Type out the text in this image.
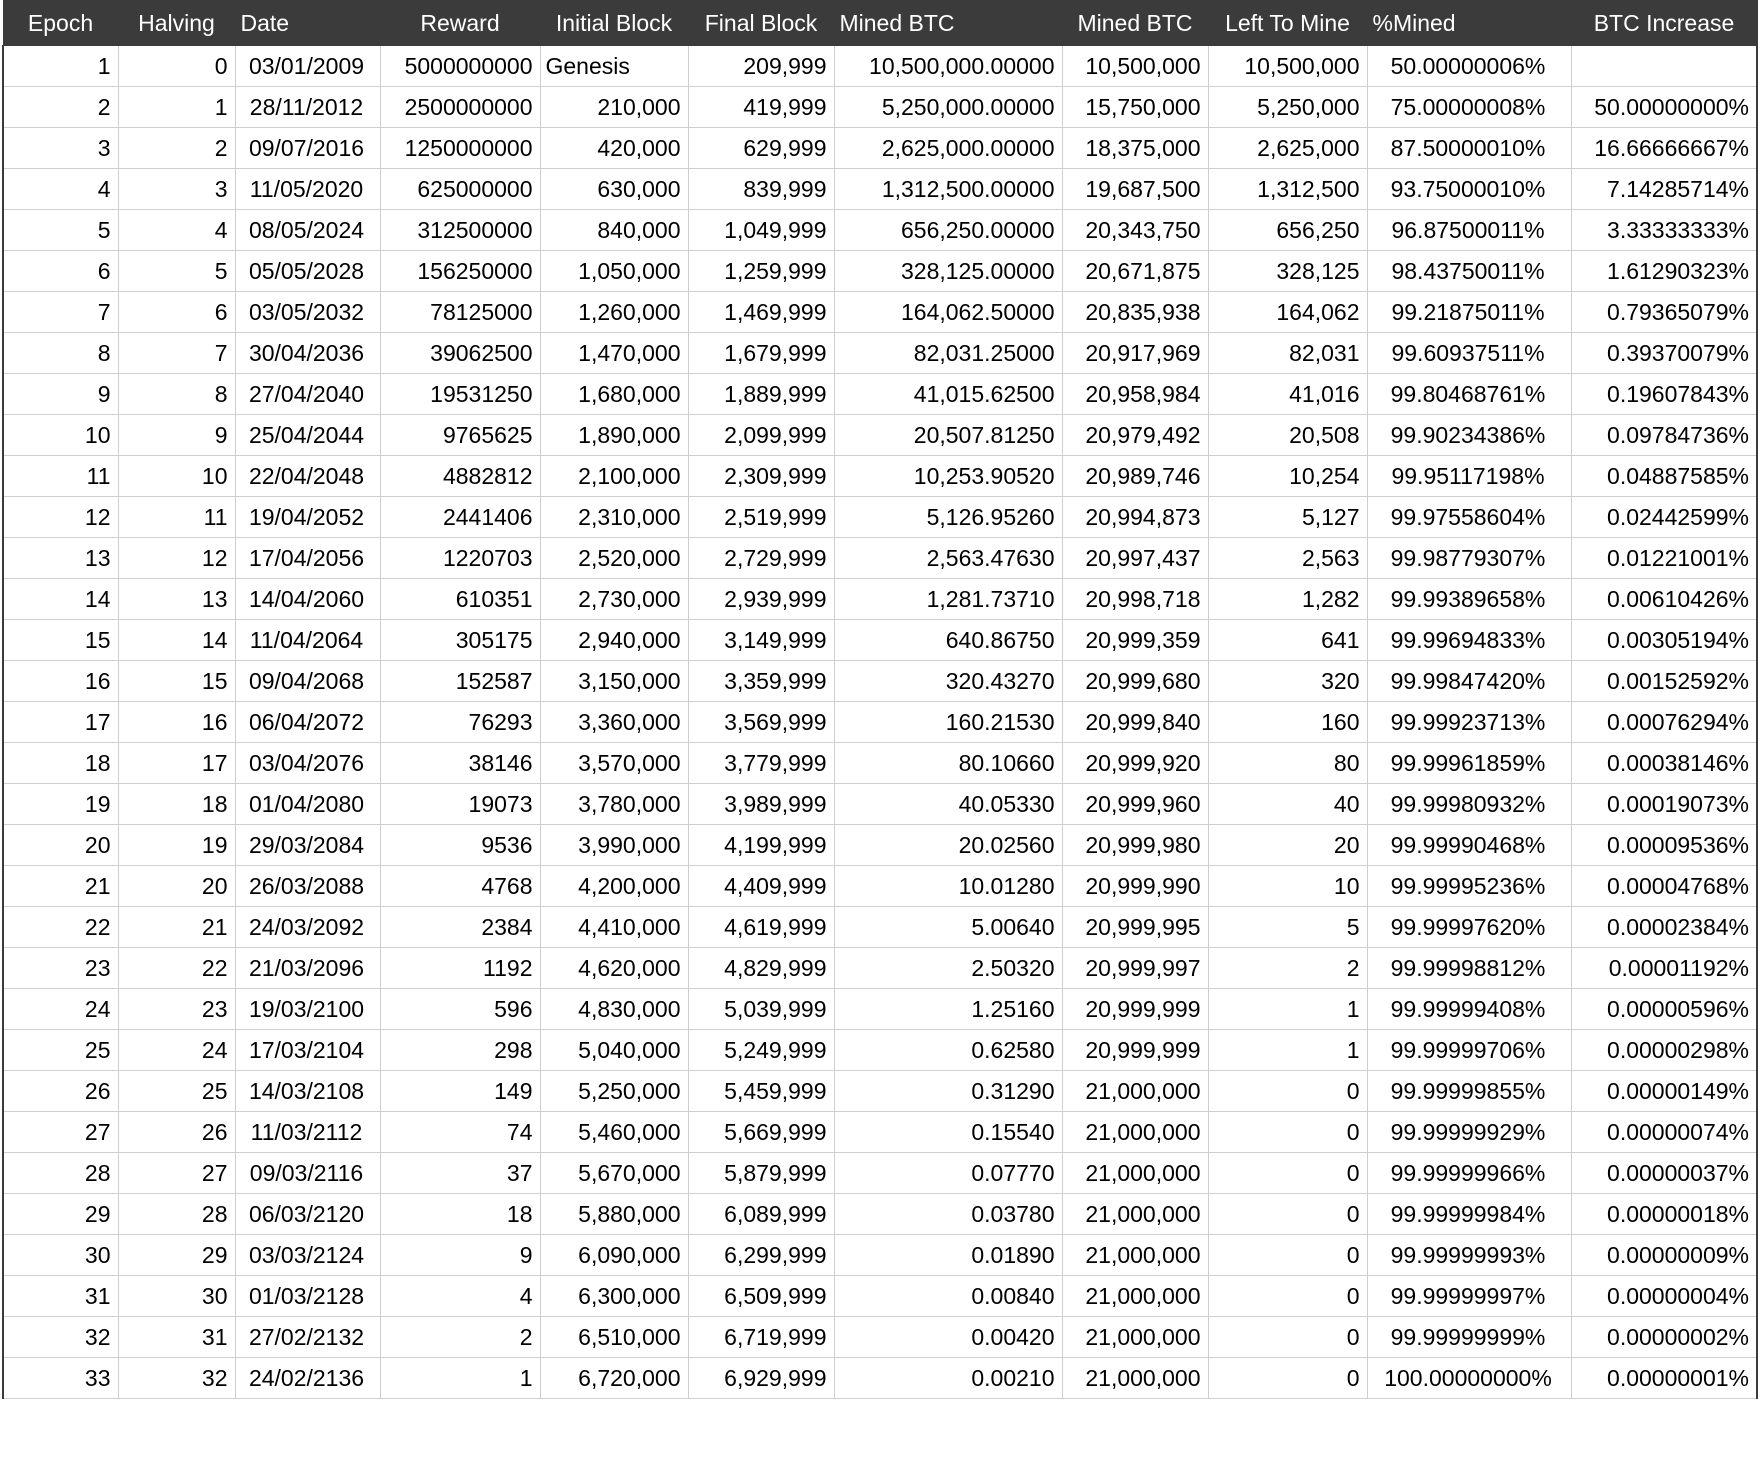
Epoch	Halving	Date	Reward	Initial Block	Final Block	Mined BTC	Mined BTC	Left To Mine	%Mined	BTC Increase
1	0	03/01/2009	5000000000	Genesis	209,999	10,500,000.00000	10,500,000	10,500,000	50.00000006%	
2	1	28/11/2012	2500000000	210,000	419,999	5,250,000.00000	15,750,000	5,250,000	75.00000008%	50.00000000%
3	2	09/07/2016	1250000000	420,000	629,999	2,625,000.00000	18,375,000	2,625,000	87.50000010%	16.66666667%
4	3	11/05/2020	625000000	630,000	839,999	1,312,500.00000	19,687,500	1,312,500	93.75000010%	7.14285714%
5	4	08/05/2024	312500000	840,000	1,049,999	656,250.00000	20,343,750	656,250	96.87500011%	3.33333333%
6	5	05/05/2028	156250000	1,050,000	1,259,999	328,125.00000	20,671,875	328,125	98.43750011%	1.61290323%
7	6	03/05/2032	78125000	1,260,000	1,469,999	164,062.50000	20,835,938	164,062	99.21875011%	0.79365079%
8	7	30/04/2036	39062500	1,470,000	1,679,999	82,031.25000	20,917,969	82,031	99.60937511%	0.39370079%
9	8	27/04/2040	19531250	1,680,000	1,889,999	41,015.62500	20,958,984	41,016	99.80468761%	0.19607843%
10	9	25/04/2044	9765625	1,890,000	2,099,999	20,507.81250	20,979,492	20,508	99.90234386%	0.09784736%
11	10	22/04/2048	4882812	2,100,000	2,309,999	10,253.90520	20,989,746	10,254	99.95117198%	0.04887585%
12	11	19/04/2052	2441406	2,310,000	2,519,999	5,126.95260	20,994,873	5,127	99.97558604%	0.02442599%
13	12	17/04/2056	1220703	2,520,000	2,729,999	2,563.47630	20,997,437	2,563	99.98779307%	0.01221001%
14	13	14/04/2060	610351	2,730,000	2,939,999	1,281.73710	20,998,718	1,282	99.99389658%	0.00610426%
15	14	11/04/2064	305175	2,940,000	3,149,999	640.86750	20,999,359	641	99.99694833%	0.00305194%
16	15	09/04/2068	152587	3,150,000	3,359,999	320.43270	20,999,680	320	99.99847420%	0.00152592%
17	16	06/04/2072	76293	3,360,000	3,569,999	160.21530	20,999,840	160	99.99923713%	0.00076294%
18	17	03/04/2076	38146	3,570,000	3,779,999	80.10660	20,999,920	80	99.99961859%	0.00038146%
19	18	01/04/2080	19073	3,780,000	3,989,999	40.05330	20,999,960	40	99.99980932%	0.00019073%
20	19	29/03/2084	9536	3,990,000	4,199,999	20.02560	20,999,980	20	99.99990468%	0.00009536%
21	20	26/03/2088	4768	4,200,000	4,409,999	10.01280	20,999,990	10	99.99995236%	0.00004768%
22	21	24/03/2092	2384	4,410,000	4,619,999	5.00640	20,999,995	5	99.99997620%	0.00002384%
23	22	21/03/2096	1192	4,620,000	4,829,999	2.50320	20,999,997	2	99.99998812%	0.00001192%
24	23	19/03/2100	596	4,830,000	5,039,999	1.25160	20,999,999	1	99.99999408%	0.00000596%
25	24	17/03/2104	298	5,040,000	5,249,999	0.62580	20,999,999	1	99.99999706%	0.00000298%
26	25	14/03/2108	149	5,250,000	5,459,999	0.31290	21,000,000	0	99.99999855%	0.00000149%
27	26	11/03/2112	74	5,460,000	5,669,999	0.15540	21,000,000	0	99.99999929%	0.00000074%
28	27	09/03/2116	37	5,670,000	5,879,999	0.07770	21,000,000	0	99.99999966%	0.00000037%
29	28	06/03/2120	18	5,880,000	6,089,999	0.03780	21,000,000	0	99.99999984%	0.00000018%
30	29	03/03/2124	9	6,090,000	6,299,999	0.01890	21,000,000	0	99.99999993%	0.00000009%
31	30	01/03/2128	4	6,300,000	6,509,999	0.00840	21,000,000	0	99.99999997%	0.00000004%
32	31	27/02/2132	2	6,510,000	6,719,999	0.00420	21,000,000	0	99.99999999%	0.00000002%
33	32	24/02/2136	1	6,720,000	6,929,999	0.00210	21,000,000	0	100.00000000%	0.00000001%
